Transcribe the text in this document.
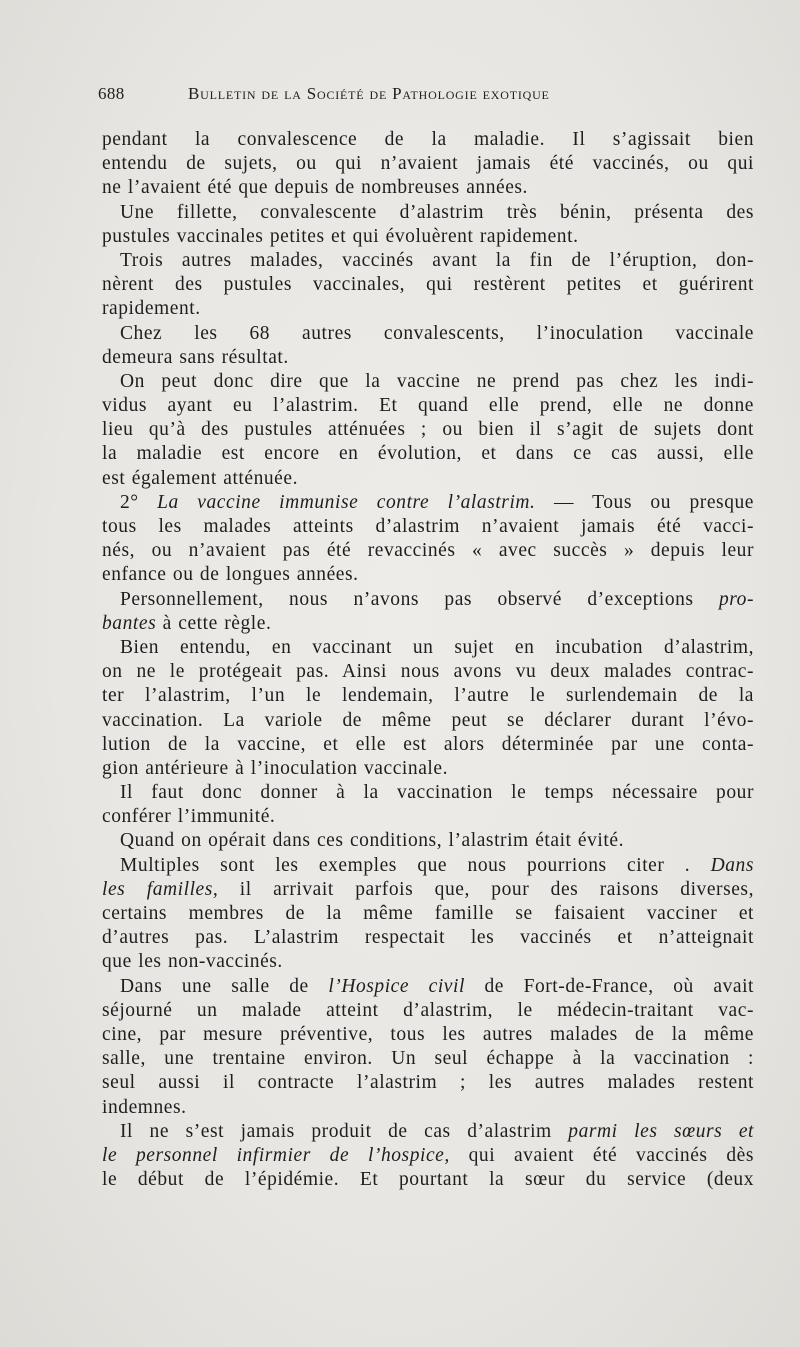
688	Bulletin de la Société de Pathologie exotique
pendant la convalescence de la maladie. Il s’agissait bien
entendu de sujets, ou qui n’avaient jamais été vaccinés, ou qui
ne l’avaient été que depuis de nombreuses années.
Une fillette, convalescente d’alastrim très bénin, présenta des
pustules vaccinales petites et qui évoluèrent rapidement.
Trois autres malades, vaccinés avant la fin de l’éruption, don-
nèrent des pustules vaccinales, qui restèrent petites et guérirent
rapidement.
Chez les 68 autres convalescents, l’inoculation vaccinale
demeura sans résultat.
On peut donc dire que la vaccine ne prend pas chez les indi-
vidus ayant eu l’alastrim. Et quand elle prend, elle ne donne
lieu qu’à des pustules atténuées ; ou bien il s’agit de sujets dont
la maladie est encore en évolution, et dans ce cas aussi, elle
est également atténuée.
2° La vaccine immunise contre l’alastrim. — Tous ou presque
tous les malades atteints d’alastrim n’avaient jamais été vacci-
nés, ou n’avaient pas été revaccinés « avec succès » depuis leur
enfance ou de longues années.
Personnellement, nous n’avons pas observé d’exceptions pro-
bantes à cette règle.
Bien entendu, en vaccinant un sujet en incubation d’alastrim,
on ne le protégeait pas. Ainsi nous avons vu deux malades contrac-
ter l’alastrim, l’un le lendemain, l’autre le surlendemain de la
vaccination. La variole de même peut se déclarer durant l’évo-
lution de la vaccine, et elle est alors déterminée par une conta-
gion antérieure à l’inoculation vaccinale.
Il faut donc donner à la vaccination le temps nécessaire pour
conférer l’immunité.
Quand on opérait dans ces conditions, l’alastrim était évité.
Multiples sont les exemples que nous pourrions citer . Dans
les familles, il arrivait parfois que, pour des raisons diverses,
certains membres de la même famille se faisaient vacciner et
d’autres pas. L’alastrim respectait les vaccinés et n’atteignait
que les non-vaccinés.
Dans une salle de l’Hospice civil de Fort-de-France, où avait
séjourné un malade atteint d’alastrim, le médecin-traitant vac-
cine, par mesure préventive, tous les autres malades de la même
salle, une trentaine environ. Un seul échappe à la vaccination :
seul aussi il contracte l’alastrim ; les autres malades restent
indemnes.
Il ne s’est jamais produit de cas d’alastrim parmi les sœurs et
le personnel infirmier de l’hospice, qui avaient été vaccinés dès
le début de l’épidémie. Et pourtant la sœur du service (deux
